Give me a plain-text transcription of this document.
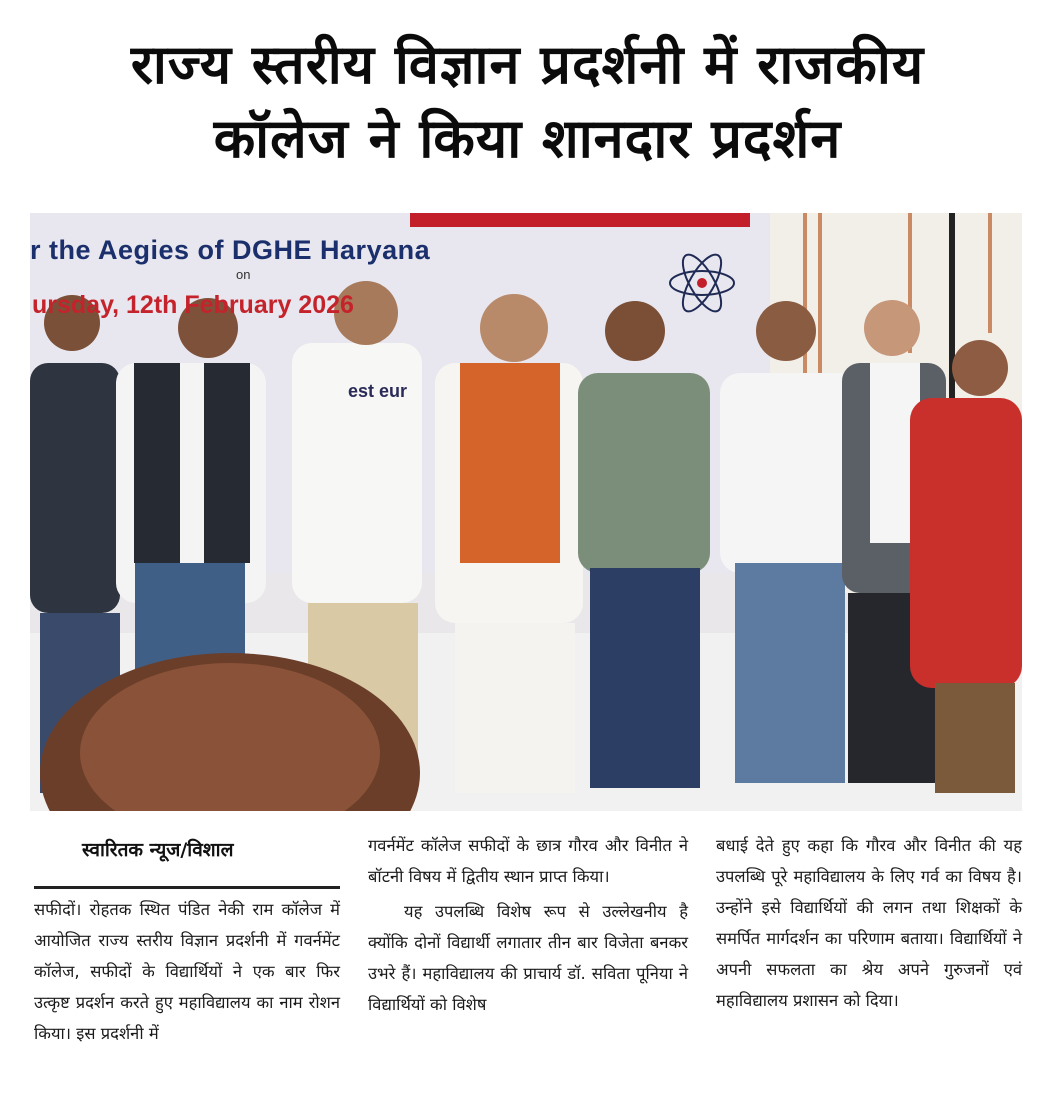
राज्य स्तरीय विज्ञान प्रदर्शनी में राजकीय
कॉलेज ने किया शानदार प्रदर्शन
r the Aegies of DGHE Haryana
on
ursday, 12th February 2026
est eur
स्वारितक न्यूज/विशाल

सफीदों। रोहतक स्थित पंडित नेकी राम कॉलेज में आयोजित राज्य स्तरीय विज्ञान प्रदर्शनी में गवर्नमेंट कॉलेज, सफीदों के विद्यार्थियों ने एक बार फिर उत्कृष्ट प्रदर्शन करते हुए महाविद्यालय का नाम रोशन किया। इस प्रदर्शनी में

गवर्नमेंट कॉलेज सफीदों के छात्र गौरव और विनीत ने बॉटनी विषय में द्वितीय स्थान प्राप्त किया।

यह उपलब्धि विशेष रूप से उल्लेखनीय है क्योंकि दोनों विद्यार्थी लगातार तीन बार विजेता बनकर उभरे हैं। महाविद्यालय की प्राचार्य डॉ. सविता पूनिया ने विद्यार्थियों को विशेष

बधाई देते हुए कहा कि गौरव और विनीत की यह उपलब्धि पूरे महाविद्यालय के लिए गर्व का विषय है। उन्होंने इसे विद्यार्थियों की लगन तथा शिक्षकों के समर्पित मार्गदर्शन का परिणाम बताया। विद्यार्थियों ने अपनी सफलता का श्रेय अपने गुरुजनों एवं महाविद्यालय प्रशासन को दिया।
